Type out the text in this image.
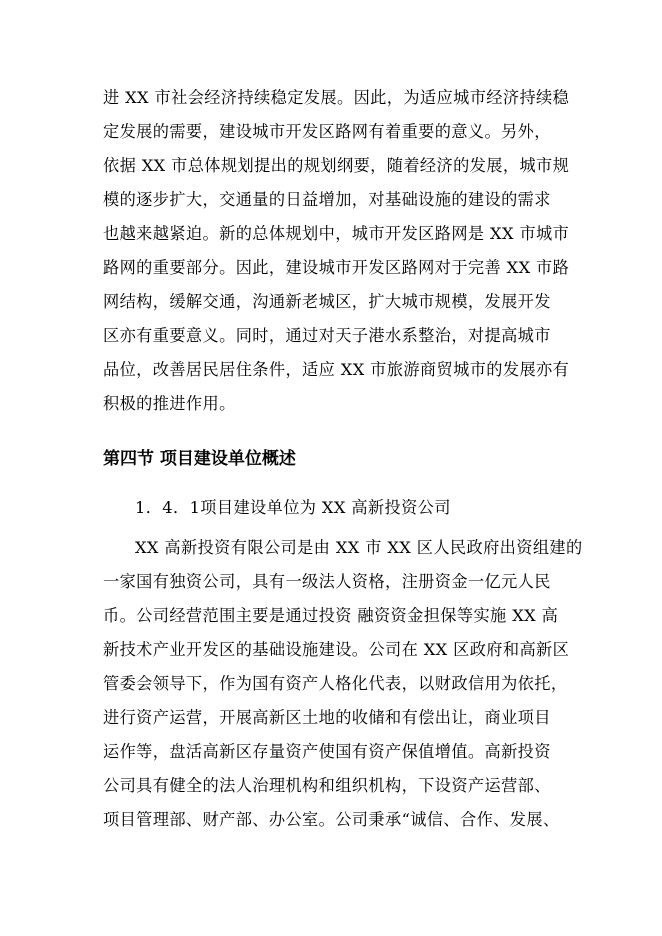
进 XX 市社会经济持续稳定发展。因此，为适应城市经济持续稳
定发展的需要，建设城市开发区路网有着重要的意义。另外，
依据 XX 市总体规划提出的规划纲要，随着经济的发展，城市规
模的逐步扩大，交通量的日益增加，对基础设施的建设的需求
也越来越紧迫。新的总体规划中，城市开发区路网是 XX 市城市
路网的重要部分。因此，建设城市开发区路网对于完善 XX 市路
网结构，缓解交通，沟通新老城区，扩大城市规模，发展开发
区亦有重要意义。同时，通过对天子港水系整治，对提高城市
品位，改善居民居住条件，适应 XX 市旅游商贸城市的发展亦有
积极的推进作用。
第四节 项目建设单位概述
1．4．1项目建设单位为 XX 高新投资公司
XX 高新投资有限公司是由 XX 市 XX 区人民政府出资组建的
一家国有独资公司，具有一级法人资格，注册资金一亿元人民
币。公司经营范围主要是通过投资 融资资金担保等实施 XX 高
新技术产业开发区的基础设施建设。公司在 XX 区政府和高新区
管委会领导下，作为国有资产人格化代表，以财政信用为依托，
进行资产运营，开展高新区土地的收储和有偿出让，商业项目
运作等，盘活高新区存量资产使国有资产保值增值。高新投资
公司具有健全的法人治理机构和组织机构，下设资产运营部、
项目管理部、财产部、办公室。公司秉承“诚信、合作、发展、
